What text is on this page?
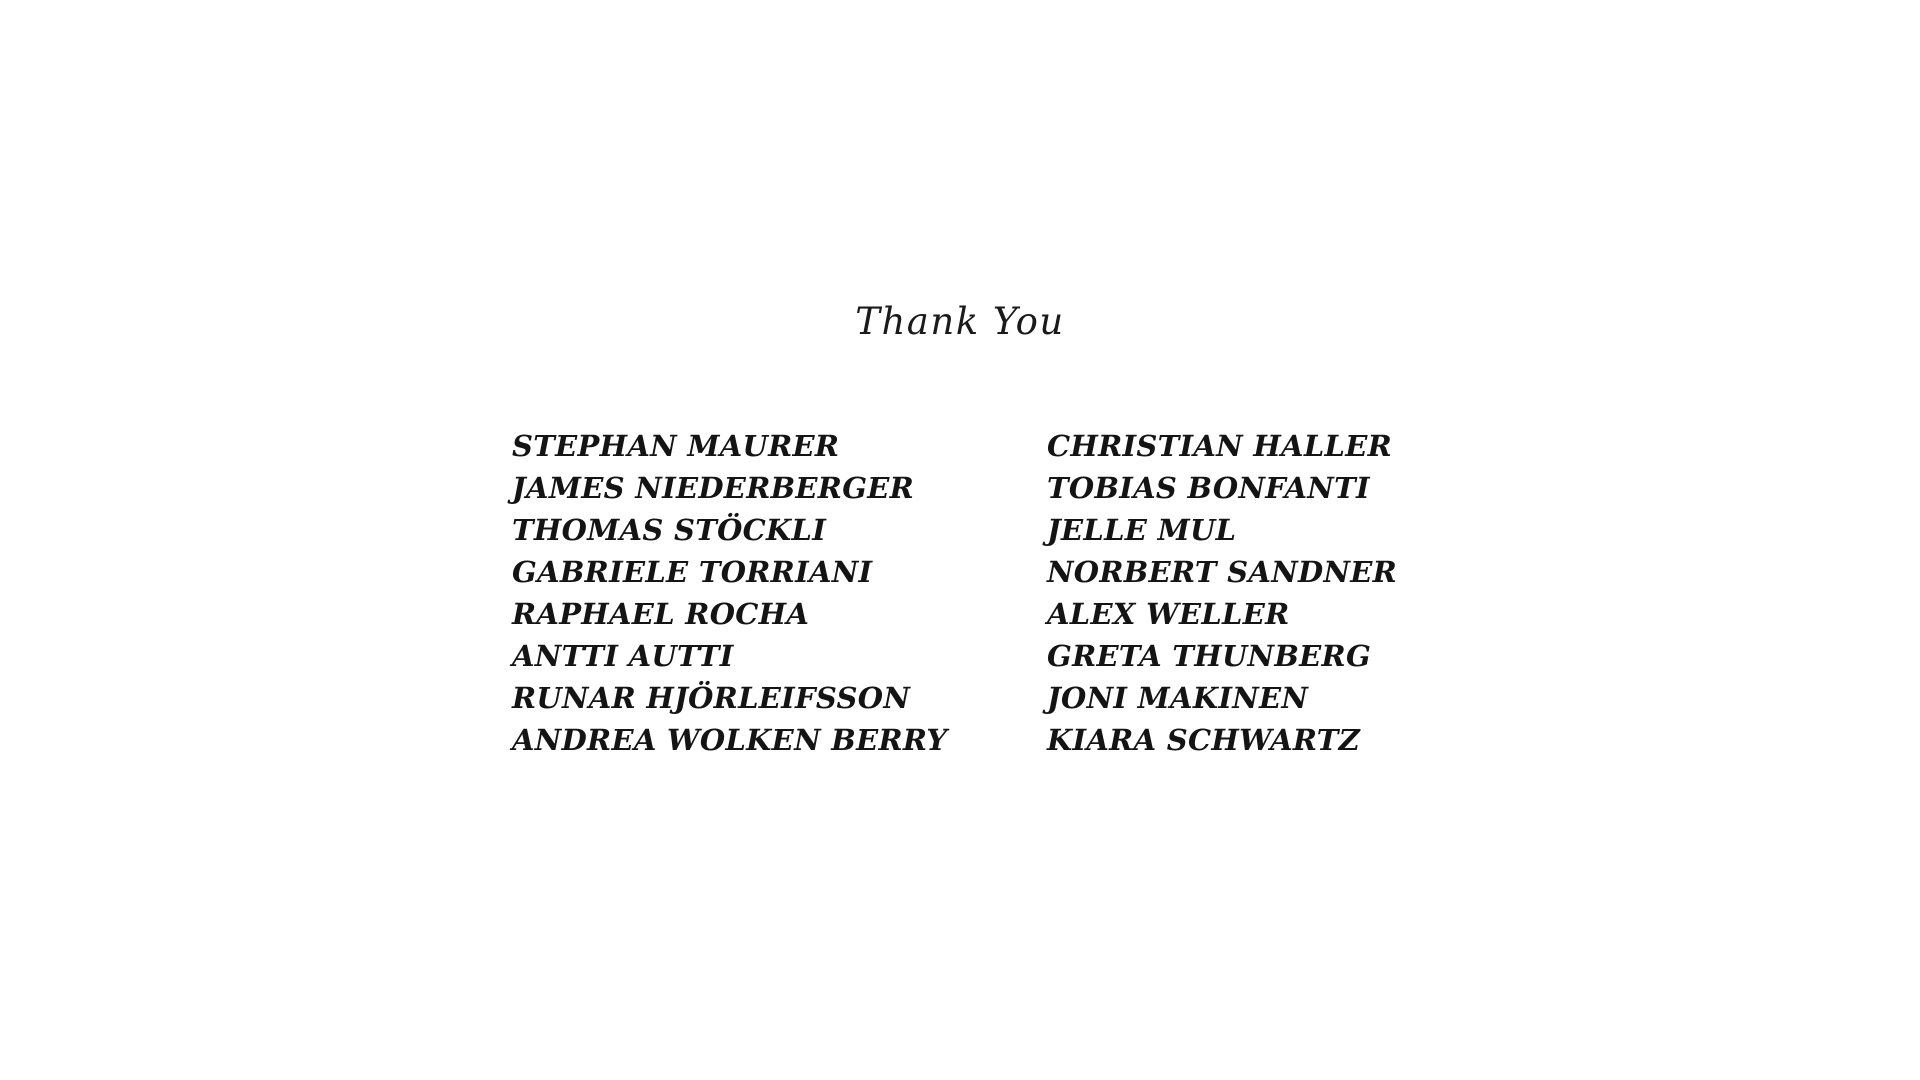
Thank You
STEPHAN MAURER
JAMES NIEDERBERGER
THOMAS STÖCKLI
GABRIELE TORRIANI
RAPHAEL ROCHA
ANTTI AUTTI
RUNAR HJÖRLEIFSSON
ANDREA WOLKEN BERRY
CHRISTIAN HALLER
TOBIAS BONFANTI
JELLE MUL
NORBERT SANDNER
ALEX WELLER
GRETA THUNBERG
JONI MAKINEN
KIARA SCHWARTZ
